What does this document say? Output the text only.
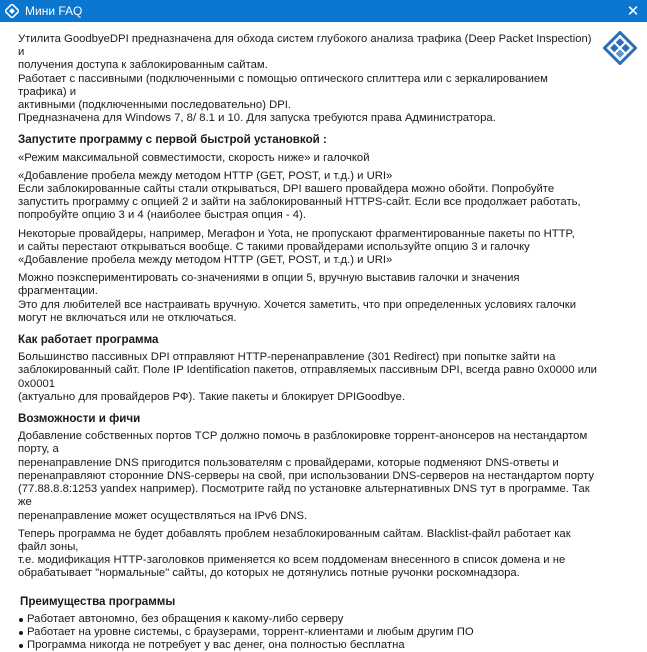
Мини FAQ	✕

Утилита GoodbyeDPI предназначена для обхода систем глубокого анализа трафика (Deep Packet Inspection) и
получения доступа к заблокированным сайтам.
Работает с пассивными (подключенными с помощью оптического сплиттера или с зеркалированием трафика) и
активными (подключенными последовательно) DPI.
Предназначена для Windows 7, 8/ 8.1 и 10. Для запуска требуются права Администратора.

Запустите программу с первой быстрой установкой :

«Режим максимальной совместимости, скорость ниже» и галочкой

«Добавление пробела между методом HTTP (GET, POST, и т.д.) и URI»

Если заблокированные сайты стали открываться, DPI вашего провайдера можно обойти. Попробуйте
запустить программу с опцией 2 и зайти на заблокированный HTTPS-сайт. Если все продолжает работать,
попробуйте опцию 3 и 4 (наиболее быстрая опция - 4).

Некоторые провайдеры, например, Мегафон и Yota, не пропускают фрагментированные пакеты по HTTP,
и сайты перестают открываться вообще. С такими провайдерами используйте опцию 3 и галочку
«Добавление пробела между методом HTTP (GET, POST, и т.д.) и URI»

Можно поэкспериментировать со-значениями в опции 5, вручную выставив галочки и значения фрагментации.
Это для любителей все настраивать вручную. Хочется заметить, что при определенных условиях галочки
могут не включаться или не отключаться.

Как работает программа

Большинство пассивных DPI отправляют HTTP-перенаправление (301 Redirect) при попытке зайти на
заблокированный сайт. Поле IP Identification пакетов, отправляемых пассивным DPI, всегда равно 0x0000 или 0x0001
(актуально для провайдеров РФ). Такие пакеты и блокирует DPIGoodbye.

Возможности и фичи

Добавление собственных портов TCP должно помочь в разблокировке торрент-анонсеров на нестандартом порту, а
перенаправление DNS пригодится пользователям с провайдерами, которые подменяют DNS-ответы и
перенаправляют сторонние DNS-серверы на свой, при использовании DNS-серверов на нестандартом порту
(77.88.8.8:1253 yandex например). Посмотрите гайд по установке альтернативных DNS тут в программе. Так же
перенаправление может осуществляться на IPv6 DNS.

Теперь программа не будет добавлять проблем незаблокированным сайтам. Blacklist-файл работает как файл зоны,
т.е. модификация HTTP-заголовков применяется ко всем поддоменам внесенного в список домена и не
обрабатывает "нормальные" сайты, до которых не дотянулись потные ручонки роскомнадзора.

Преимущества программы

Работает автономно, без обращения к какому-либо серверу
Работает на уровне системы, с браузерами, торрент-клиентами и любым другим ПО
Программа никогда не потребует у вас денег, она полностью бесплатна
